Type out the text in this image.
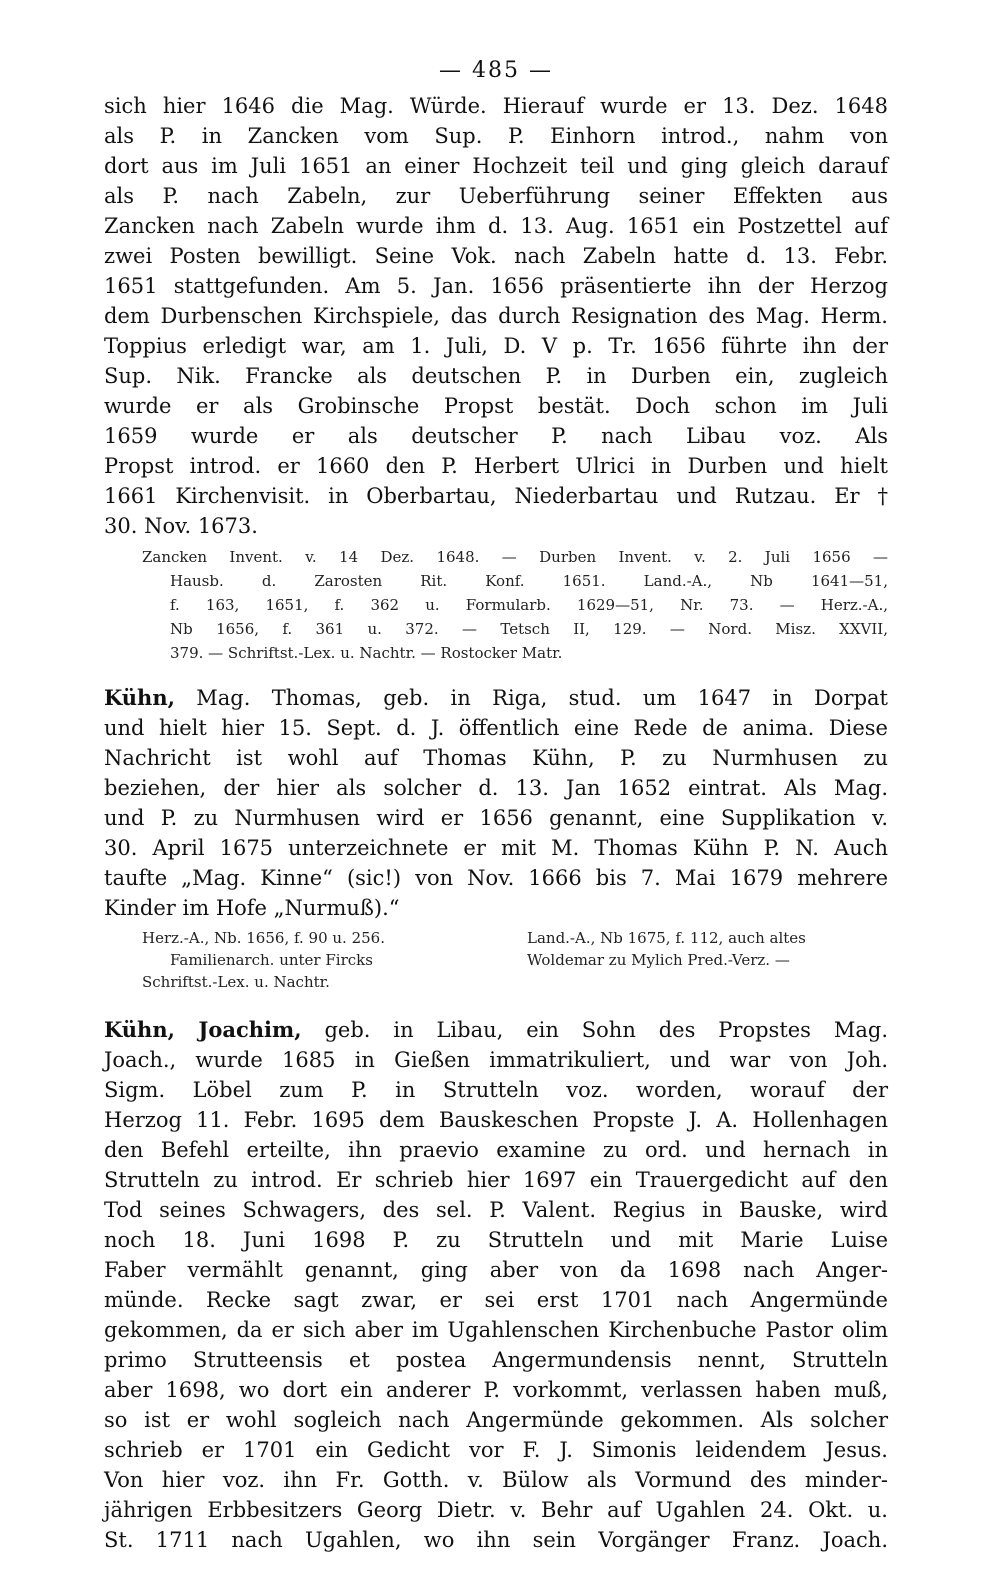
— 485 —
sich hier 1646 die Mag. Würde. Hierauf wurde er 13. Dez. 1648
als P. in Zancken vom Sup. P. Einhorn introd., nahm von
dort aus im Juli 1651 an einer Hochzeit teil und ging gleich darauf
als P. nach Zabeln, zur Ueberführung seiner Effekten aus
Zancken nach Zabeln wurde ihm d. 13. Aug. 1651 ein Postzettel auf
zwei Posten bewilligt. Seine Vok. nach Zabeln hatte d. 13. Febr.
1651 stattgefunden. Am 5. Jan. 1656 präsentierte ihn der Herzog
dem Durbenschen Kirchspiele, das durch Resignation des Mag. Herm.
Toppius erledigt war, am 1. Juli, D. V p. Tr. 1656 führte ihn der
Sup. Nik. Francke als deutschen P. in Durben ein, zugleich
wurde er als Grobinsche Propst bestät. Doch schon im Juli
1659 wurde er als deutscher P. nach Libau voz. Als
Propst introd. er 1660 den P. Herbert Ulrici in Durben und hielt
1661 Kirchenvisit. in Oberbartau, Niederbartau und Rutzau. Er †
30. Nov. 1673.
Zancken Invent. v. 14 Dez. 1648. — Durben Invent. v. 2. Juli 1656 —
Hausb. d. Zarosten Rit. Konf. 1651. Land.-A., Nb 1641—51,
f. 163, 1651, f. 362 u. Formularb. 1629—51, Nr. 73. — Herz.-A.,
Nb 1656, f. 361 u. 372. — Tetsch II, 129. — Nord. Misz. XXVII,
379. — Schriftst.-Lex. u. Nachtr. — Rostocker Matr.
Kühn, Mag. Thomas, geb. in Riga, stud. um 1647 in Dorpat
und hielt hier 15. Sept. d. J. öffentlich eine Rede de anima. Diese
Nachricht ist wohl auf Thomas Kühn, P. zu Nurmhusen zu
beziehen, der hier als solcher d. 13. Jan 1652 eintrat. Als Mag.
und P. zu Nurmhusen wird er 1656 genannt, eine Supplikation v.
30. April 1675 unterzeichnete er mit M. Thomas Kühn P. N. Auch
taufte „Mag. Kinne“ (sic!) von Nov. 1666 bis 7. Mai 1679 mehrere
Kinder im Hofe „Nurmuß).“
Herz.-A., Nb. 1656, f. 90 u. 256.
Familienarch. unter Fircks
Schriftst.-Lex. u. Nachtr.
Land.-A., Nb 1675, f. 112, auch altes
Woldemar zu Mylich Pred.-Verz. —
Kühn, Joachim, geb. in Libau, ein Sohn des Propstes Mag.
Joach., wurde 1685 in Gießen immatrikuliert, und war von Joh.
Sigm. Löbel zum P. in Strutteln voz. worden, worauf der
Herzog 11. Febr. 1695 dem Bauskeschen Propste J. A. Hollenhagen
den Befehl erteilte, ihn praevio examine zu ord. und hernach in
Strutteln zu introd. Er schrieb hier 1697 ein Trauergedicht auf den
Tod seines Schwagers, des sel. P. Valent. Regius in Bauske, wird
noch 18. Juni 1698 P. zu Strutteln und mit Marie Luise
Faber vermählt genannt, ging aber von da 1698 nach Anger-
münde. Recke sagt zwar, er sei erst 1701 nach Angermünde
gekommen, da er sich aber im Ugahlenschen Kirchenbuche Pastor olim
primo Strutteensis et postea Angermundensis nennt, Strutteln
aber 1698, wo dort ein anderer P. vorkommt, verlassen haben muß,
so ist er wohl sogleich nach Angermünde gekommen. Als solcher
schrieb er 1701 ein Gedicht vor F. J. Simonis leidendem Jesus.
Von hier voz. ihn Fr. Gotth. v. Bülow als Vormund des minder-
jährigen Erbbesitzers Georg Dietr. v. Behr auf Ugahlen 24. Okt. u.
St. 1711 nach Ugahlen, wo ihn sein Vorgänger Franz. Joach.
